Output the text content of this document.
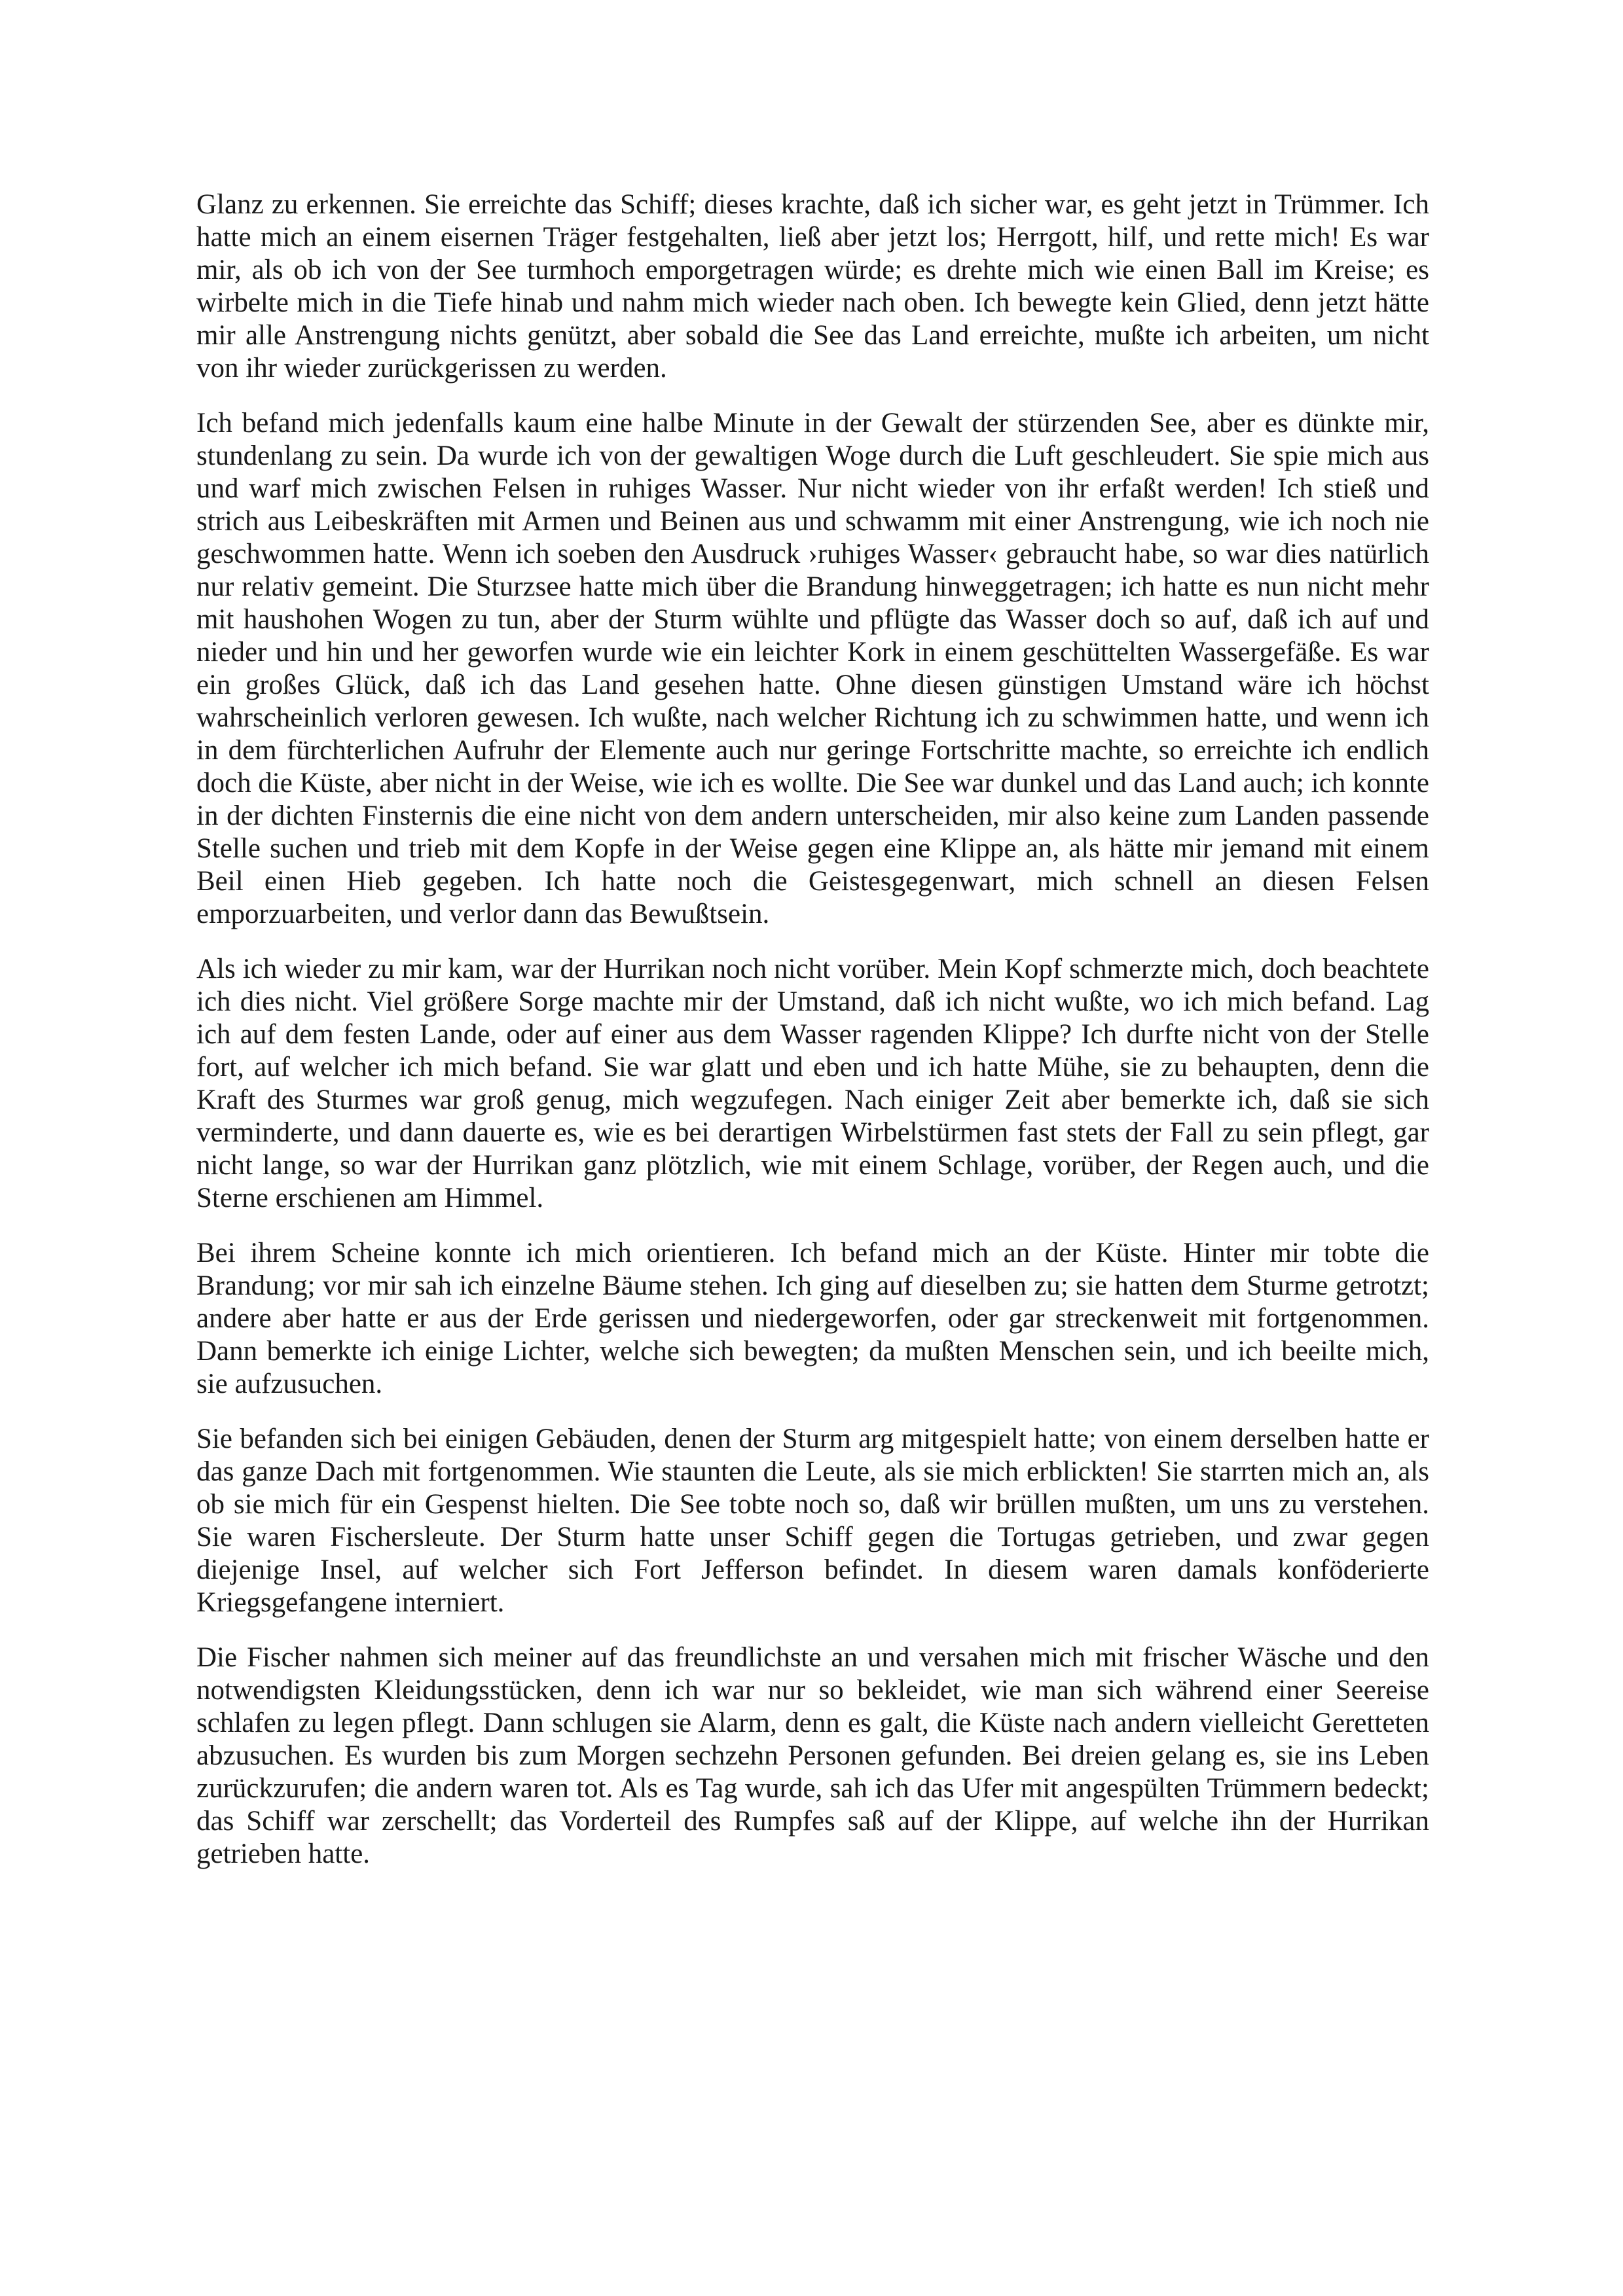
Glanz zu erkennen. Sie erreichte das Schiff; dieses krachte, daß ich sicher war, es geht jetzt in Trümmer. Ich hatte mich an einem eisernen Träger festgehalten, ließ aber jetzt los; Herrgott, hilf, und rette mich! Es war mir, als ob ich von der See turmhoch emporgetragen würde; es drehte mich wie einen Ball im Kreise; es wirbelte mich in die Tiefe hinab und nahm mich wieder nach oben. Ich bewegte kein Glied, denn jetzt hätte mir alle Anstrengung nichts genützt, aber sobald die See das Land erreichte, mußte ich arbeiten, um nicht von ihr wieder zurückgerissen zu werden.

Ich befand mich jedenfalls kaum eine halbe Minute in der Gewalt der stürzenden See, aber es dünkte mir, stundenlang zu sein. Da wurde ich von der gewaltigen Woge durch die Luft geschleudert. Sie spie mich aus und warf mich zwischen Felsen in ruhiges Wasser. Nur nicht wieder von ihr erfaßt werden! Ich stieß und strich aus Leibeskräften mit Armen und Beinen aus und schwamm mit einer Anstrengung, wie ich noch nie geschwommen hatte. Wenn ich soeben den Ausdruck ›ruhiges Wasser‹ gebraucht habe, so war dies natürlich nur relativ gemeint. Die Sturzsee hatte mich über die Brandung hinweggetragen; ich hatte es nun nicht mehr mit haushohen Wogen zu tun, aber der Sturm wühlte und pflügte das Wasser doch so auf, daß ich auf und nieder und hin und her geworfen wurde wie ein leichter Kork in einem geschüttelten Wassergefäße. Es war ein großes Glück, daß ich das Land gesehen hatte. Ohne diesen günstigen Umstand wäre ich höchst wahrscheinlich verloren gewesen. Ich wußte, nach welcher Richtung ich zu schwimmen hatte, und wenn ich in dem fürchterlichen Aufruhr der Elemente auch nur geringe Fortschritte machte, so erreichte ich endlich doch die Küste, aber nicht in der Weise, wie ich es wollte. Die See war dunkel und das Land auch; ich konnte in der dichten Finsternis die eine nicht von dem andern unterscheiden, mir also keine zum Landen passende Stelle suchen und trieb mit dem Kopfe in der Weise gegen eine Klippe an, als hätte mir jemand mit einem Beil einen Hieb gegeben. Ich hatte noch die Geistesgegenwart, mich schnell an diesen Felsen emporzuarbeiten, und verlor dann das Bewußtsein.

Als ich wieder zu mir kam, war der Hurrikan noch nicht vorüber. Mein Kopf schmerzte mich, doch beachtete ich dies nicht. Viel größere Sorge machte mir der Umstand, daß ich nicht wußte, wo ich mich befand. Lag ich auf dem festen Lande, oder auf einer aus dem Wasser ragenden Klippe? Ich durfte nicht von der Stelle fort, auf welcher ich mich befand. Sie war glatt und eben und ich hatte Mühe, sie zu behaupten, denn die Kraft des Sturmes war groß genug, mich wegzufegen. Nach einiger Zeit aber bemerkte ich, daß sie sich verminderte, und dann dauerte es, wie es bei derartigen Wirbelstürmen fast stets der Fall zu sein pflegt, gar nicht lange, so war der Hurrikan ganz plötzlich, wie mit einem Schlage, vorüber, der Regen auch, und die Sterne erschienen am Himmel.

Bei ihrem Scheine konnte ich mich orientieren. Ich befand mich an der Küste. Hinter mir tobte die Brandung; vor mir sah ich einzelne Bäume stehen. Ich ging auf dieselben zu; sie hatten dem Sturme getrotzt; andere aber hatte er aus der Erde gerissen und niedergeworfen, oder gar streckenweit mit fortgenommen. Dann bemerkte ich einige Lichter, welche sich bewegten; da mußten Menschen sein, und ich beeilte mich, sie aufzusuchen.

Sie befanden sich bei einigen Gebäuden, denen der Sturm arg mitgespielt hatte; von einem derselben hatte er das ganze Dach mit fortgenommen. Wie staunten die Leute, als sie mich erblickten! Sie starrten mich an, als ob sie mich für ein Gespenst hielten. Die See tobte noch so, daß wir brüllen mußten, um uns zu verstehen. Sie waren Fischersleute. Der Sturm hatte unser Schiff gegen die Tortugas getrieben, und zwar gegen diejenige Insel, auf welcher sich Fort Jefferson befindet. In diesem waren damals konföderierte Kriegsgefangene interniert.

Die Fischer nahmen sich meiner auf das freundlichste an und versahen mich mit frischer Wäsche und den notwendigsten Kleidungsstücken, denn ich war nur so bekleidet, wie man sich während einer Seereise schlafen zu legen pflegt. Dann schlugen sie Alarm, denn es galt, die Küste nach andern vielleicht Geretteten abzusuchen. Es wurden bis zum Morgen sechzehn Personen gefunden. Bei dreien gelang es, sie ins Leben zurückzurufen; die andern waren tot. Als es Tag wurde, sah ich das Ufer mit angespülten Trümmern bedeckt; das Schiff war zerschellt; das Vorderteil des Rumpfes saß auf der Klippe, auf welche ihn der Hurrikan getrieben hatte.
